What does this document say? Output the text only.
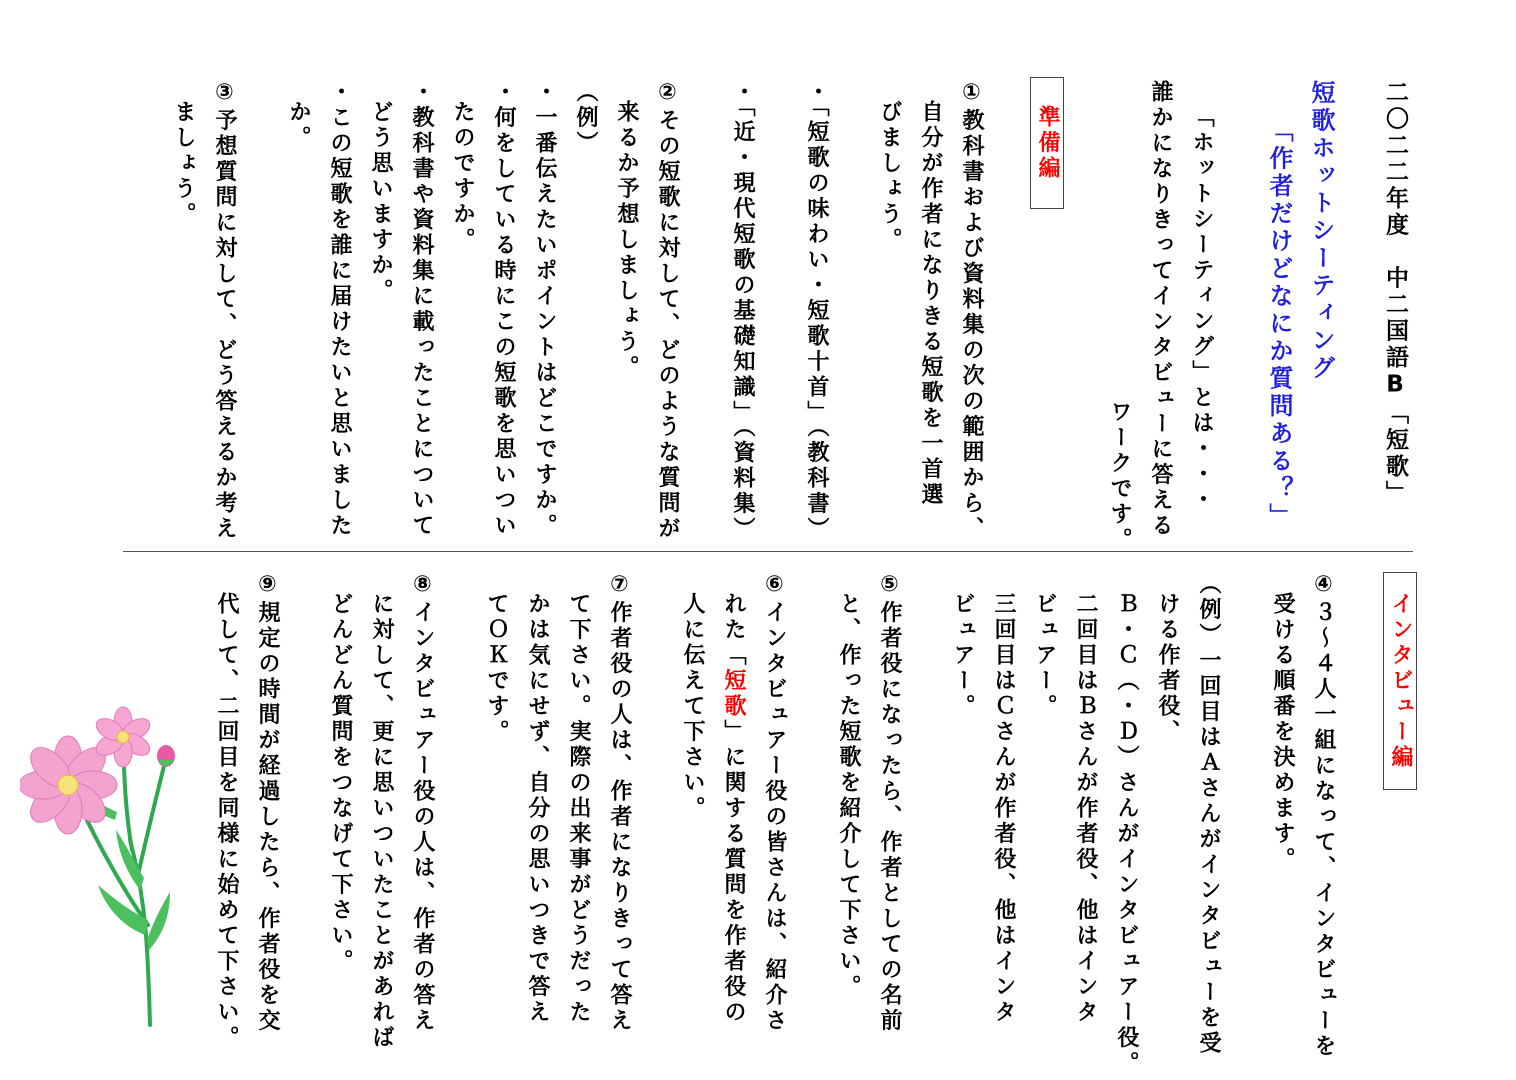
二〇二二年度　中二国語B「短歌」

短歌ホットシーティング

「作者だけどなにか質問ある？」

「ホットシーティング」とは・・・

誰かになりきってインタビューに答える

ワークです。

準備編

①教科書および資料集の次の範囲から、

自分が作者になりきる短歌を一首選

びましょう。

・「短歌の味わい・短歌十首」（教科書）

・「近・現代短歌の基礎知識」（資料集）

②その短歌に対して、どのような質問が

来るか予想しましょう。

（例）

・一番伝えたいポイントはどこですか。

・何をしている時にこの短歌を思いつい

たのですか。

・教科書や資料集に載ったことについて

どう思いますか。

・この短歌を誰に届けたいと思いました

か。

③予想質問に対して、どう答えるか考え

ましょう。

インタビュー編

④３～４人一組になって、インタビューを

受ける順番を決めます。

（例）一回目はＡさんがインタビューを受

ける作者役、

Ｂ・Ｃ（・Ｄ）さんがインタビュアー役。

二回目はＢさんが作者役、他はインタ

ビュアー。

三回目はＣさんが作者役、他はインタ

ビュアー。

⑤作者役になったら、作者としての名前

と、作った短歌を紹介して下さい。

⑥インタビュアー役の皆さんは、紹介さ

れた「短歌」に関する質問を作者役の

人に伝えて下さい。

⑦作者役の人は、作者になりきって答え

て下さい。実際の出来事がどうだった

かは気にせず、自分の思いつきで答え

てＯＫです。

⑧インタビュアー役の人は、作者の答え

に対して、更に思いついたことがあれば

どんどん質問をつなげて下さい。

⑨規定の時間が経過したら、作者役を交

代して、二回目を同様に始めて下さい。
